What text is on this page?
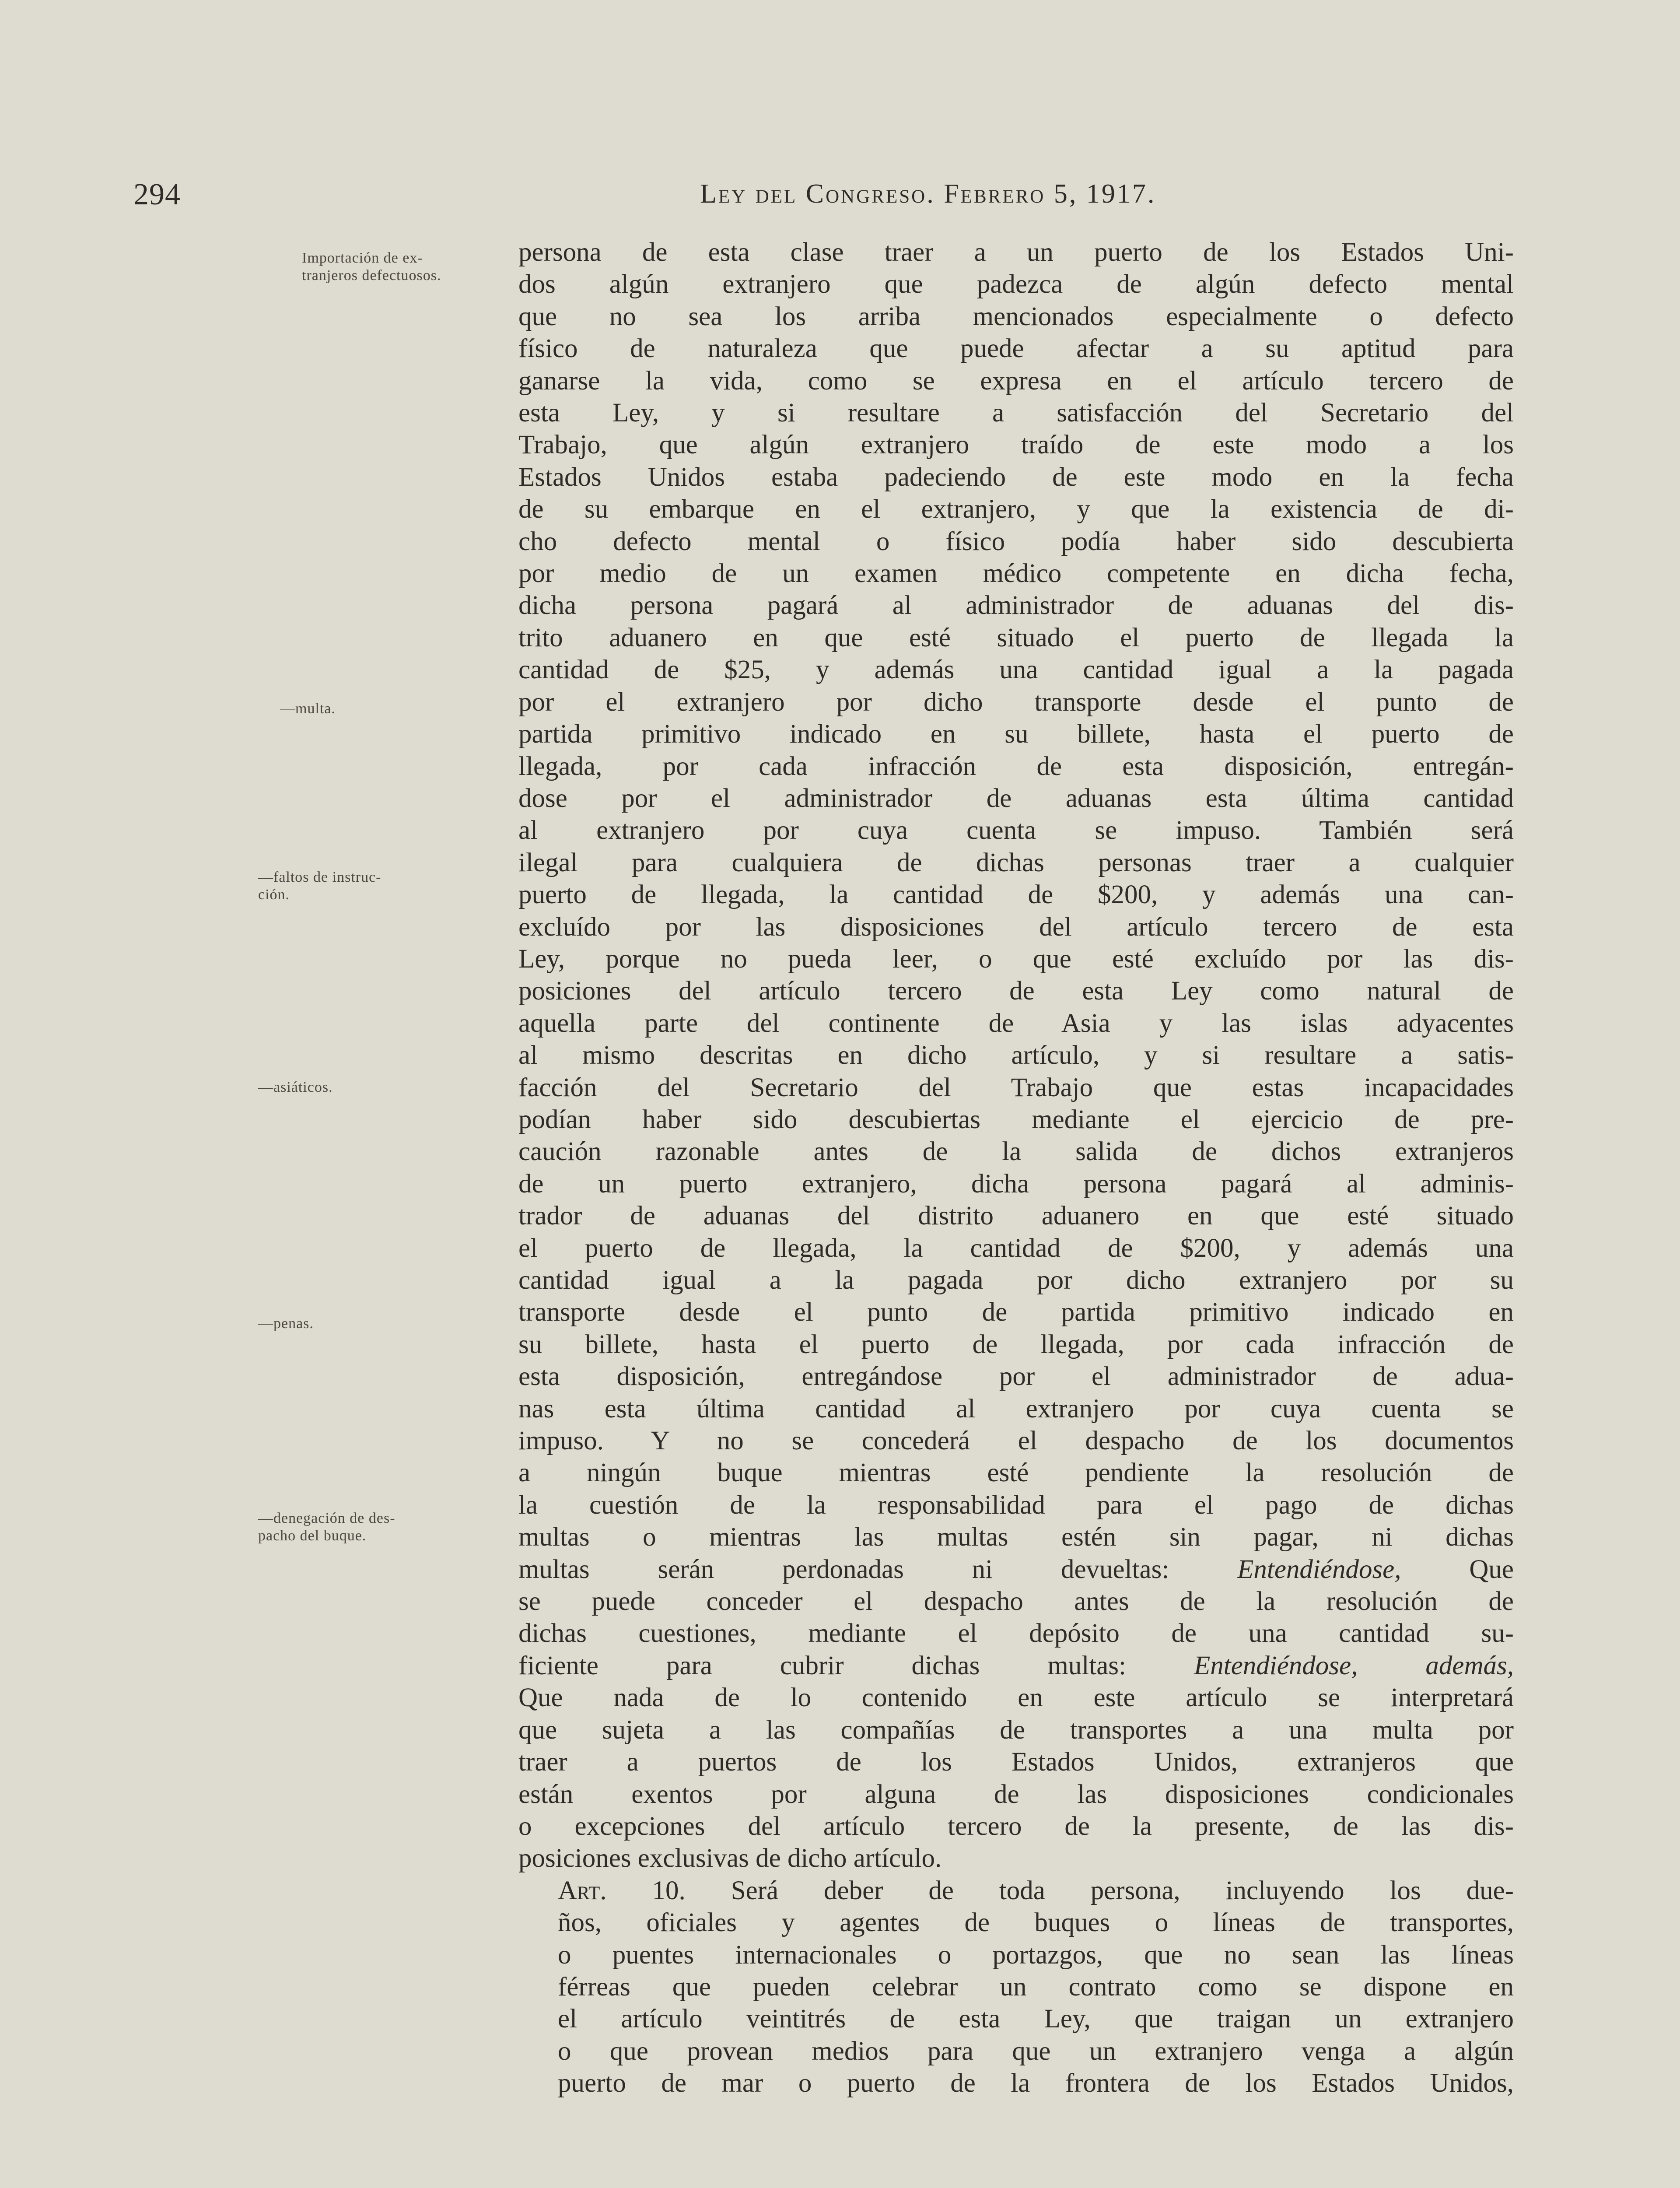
294	Ley del Congreso. Febrero 5, 1917.
Importación de ex-
tranjeros defectuosos.
—multa.
—faltos de instruc-
ción.
—asiáticos.
—penas.
—denegación de des-
pacho del buque.

persona de esta clase traer a un puerto de los Estados Uni-
dos algún extranjero que padezca de algún defecto mental
que no sea los arriba mencionados especialmente o defecto
físico de naturaleza que puede afectar a su aptitud para
ganarse la vida, como se expresa en el artículo tercero de
esta Ley, y si resultare a satisfacción del Secretario del
Trabajo, que algún extranjero traído de este modo a los
Estados Unidos estaba padeciendo de este modo en la fecha
de su embarque en el extranjero, y que la existencia de di-
cho defecto mental o físico podía haber sido descubierta
por medio de un examen médico competente en dicha fecha,
dicha persona pagará al administrador de aduanas del dis-
trito aduanero en que esté situado el puerto de llegada la
cantidad de $25, y además una cantidad igual a la pagada
por el extranjero por dicho transporte desde el punto de
partida primitivo indicado en su billete, hasta el puerto de
llegada, por cada infracción de esta disposición, entregán-
dose por el administrador de aduanas esta última cantidad
al extranjero por cuya cuenta se impuso. También será
ilegal para cualquiera de dichas personas traer a cualquier
puerto de llegada, la cantidad de $200, y además una can-
excluído por las disposiciones del artículo tercero de esta
Ley, porque no pueda leer, o que esté excluído por las dis-
posiciones del artículo tercero de esta Ley como natural de
aquella parte del continente de Asia y las islas adyacentes
al mismo descritas en dicho artículo, y si resultare a satis-
facción del Secretario del Trabajo que estas incapacidades
podían haber sido descubiertas mediante el ejercicio de pre-
caución razonable antes de la salida de dichos extranjeros
de un puerto extranjero, dicha persona pagará al adminis-
trador de aduanas del distrito aduanero en que esté situado
el puerto de llegada, la cantidad de $200, y además una
cantidad igual a la pagada por dicho extranjero por su
transporte desde el punto de partida primitivo indicado en
su billete, hasta el puerto de llegada, por cada infracción de
esta disposición, entregándose por el administrador de adua-
nas esta última cantidad al extranjero por cuya cuenta se
impuso. Y no se concederá el despacho de los documentos
a ningún buque mientras esté pendiente la resolución de
la cuestión de la responsabilidad para el pago de dichas
multas o mientras las multas estén sin pagar, ni dichas
multas serán perdonadas ni devueltas: Entendiéndose, Que
se puede conceder el despacho antes de la resolución de
dichas cuestiones, mediante el depósito de una cantidad su-
ficiente para cubrir dichas multas: Entendiéndose, además,
Que nada de lo contenido en este artículo se interpretará
que sujeta a las compañías de transportes a una multa por
traer a puertos de los Estados Unidos, extranjeros que
están exentos por alguna de las disposiciones condicionales
o excepciones del artículo tercero de la presente, de las dis-
posiciones exclusivas de dicho artículo.

Art. 10. Será deber de toda persona, incluyendo los due-
ños, oficiales y agentes de buques o líneas de transportes,
o puentes internacionales o portazgos, que no sean las líneas
férreas que pueden celebrar un contrato como se dispone en
el artículo veintitrés de esta Ley, que traigan un extranjero
o que provean medios para que un extranjero venga a algún
puerto de mar o puerto de la frontera de los Estados Unidos,
